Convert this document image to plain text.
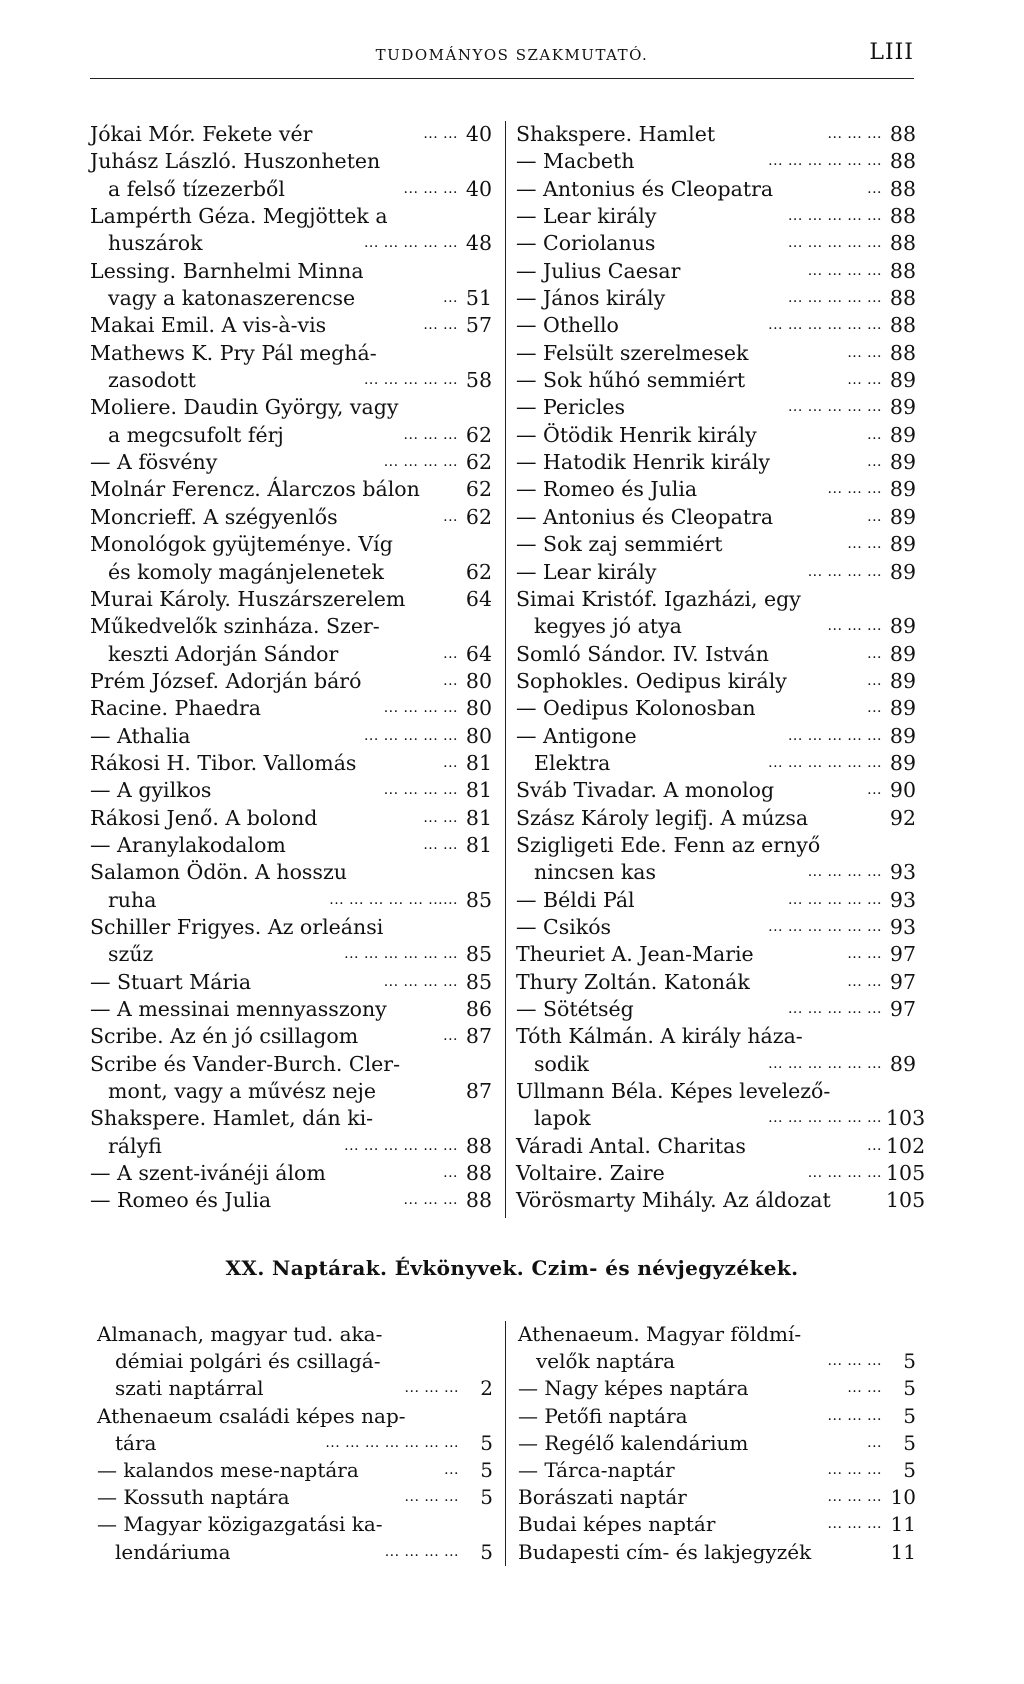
TUDOMÁNYOS SZAKMUTATÓ.	LIII
Jókai Mór. Fekete vér	... ... 40
Juhász László. Huszonheten
a felső tízezerből	... ... ... 40
Lampérth Géza. Megjöttek a
huszárok	... ... ... ... ... 48
Lessing. Barnhelmi Minna
vagy a katonaszerencse	... 51
Makai Emil. A vis-à-vis	... ... 57
Mathews K. Pry Pál meghá-
zasodott	... ... ... ... ... 58
Moliere. Daudin György, vagy
a megcsufolt férj	... ... ... 62
— A fösvény	... ... ... ... 62
Molnár Ferencz. Álarczos bálon 62
Moncrieff. A szégyenlős	... 62
Monológok gyüjteménye. Víg
és komoly magánjelenetek	62
Murai Károly. Huszárszerelem	64
Műkedvelők szinháza. Szer-
keszti Adorján Sándor	... 64
Prém József. Adorján báró	... 80
Racine. Phaedra	... ... ... ... 80
— Athalia	... ... ... ... ... 80
Rákosi H. Tibor. Vallomás	... 81
— A gyilkos	... ... ... ... 81
Rákosi Jenő. A bolond	... ... 81
— Aranylakodalom	... ... 81
Salamon Ödön. A hosszu
ruha	... ... ... ... ... ...... 85
Schiller Frigyes. Az orleánsi
szűz	... ... ... ... ... ... 85
— Stuart Mária	... ... ... ... 85
— A messinai mennyasszony	86
Scribe. Az én jó csillagom	... 87
Scribe és Vander-Burch. Cler-
mont, vagy a művész neje	87
Shakspere. Hamlet, dán ki-
rályfi	... ... ... ... ... ... 88
— A szent-ivánéji álom	... 88
— Romeo és Julia	... ... ... 88
Shakspere. Hamlet	... ... ... 88
— Macbeth	... ... ... ... ... ... 88
— Antonius és Cleopatra	... 88
— Lear király	... ... ... ... ... 88
— Coriolanus	... ... ... ... ... 88
— Julius Caesar	... ... ... ... 88
— János király	... ... ... ... ... 88
— Othello	... ... ... ... ... ... 88
— Felsült szerelmesek	... ... 88
— Sok hűhó semmiért	... ... 89
— Pericles	... ... ... ... ... 89
— Ötödik Henrik király	... 89
— Hatodik Henrik király	... 89
— Romeo és Julia	... ... ... 89
— Antonius és Cleopatra	... 89
— Sok zaj semmiért	... ... 89
— Lear király	... ... ... ... 89
Simai Kristóf. Igazházi, egy
kegyes jó atya	... ... ... 89
Somló Sándor. IV. István	... 89
Sophokles. Oedipus király	... 89
— Oedipus Kolonosban	... 89
— Antigone	... ... ... ... ... 89
Elektra	... ... ... ... ... ... 89
Sváb Tivadar. A monolog	... 90
Szász Károly legifj. A múzsa	92
Szigligeti Ede. Fenn az ernyő
nincsen kas	... ... ... ... 93
— Béldi Pál	... ... ... ... ... 93
— Csikós	... ... ... ... ... ... 93
Theuriet A. Jean-Marie	... ... 97
Thury Zoltán. Katonák	... ... 97
— Sötétség	... ... ... ... ... 97
Tóth Kálmán. A király háza-
sodik	... ... ... ... ... ... 89
Ullmann Béla. Képes levelező-
lapok	... ... ... ... ... ... 103
Váradi Antal. Charitas	... 102
Voltaire. Zaire	... ... ... ... 105
Vörösmarty Mihály. Az áldozat	105
XX. Naptárak. Évkönyvek. Czim- és névjegyzékek.
Almanach, magyar tud. aka-
démiai polgári és csillagá-
szati naptárral	... ... ...	2
Athenaeum családi képes nap-
tára	... ... ... ... ... ... ...	5
— kalandos mese-naptára	...	5
— Kossuth naptára	... ... ...	5
— Magyar közigazgatási ka-
lendáriuma	... ... ... ...	5
Athenaeum. Magyar földmí-
velők naptára	... ... ...	5
— Nagy képes naptára	... ...	5
— Petőfi naptára	... ... ...	5
— Regélő kalendárium	...	5
— Tárca-naptár	... ... ...	5
Borászati naptár	... ... ... 10
Budai képes naptár	... ... ... 11
Budapesti cím- és lakjegyzék	11
